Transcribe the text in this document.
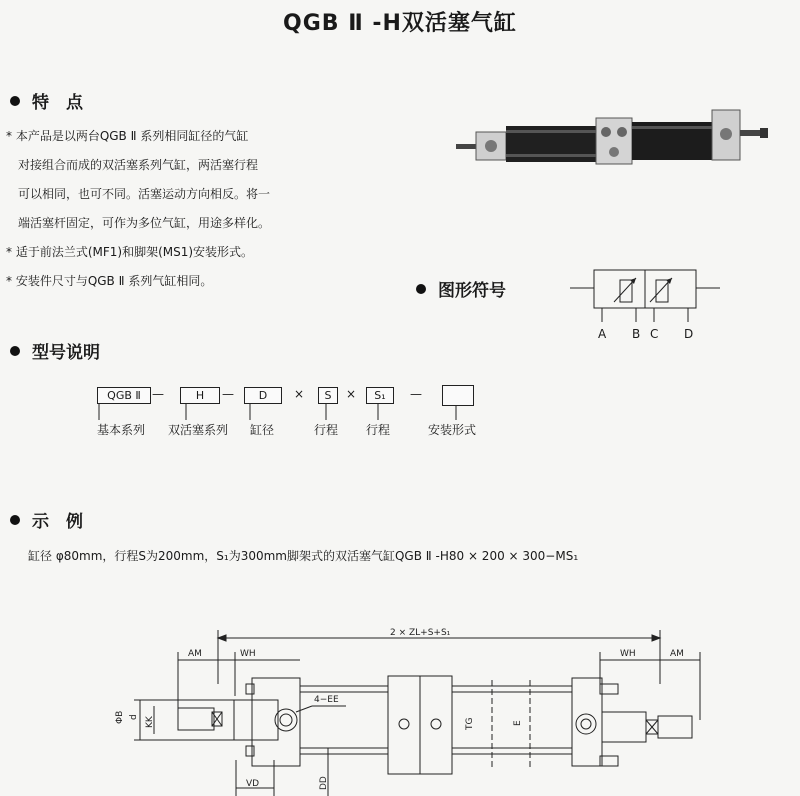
QGB Ⅱ -H双活塞气缸
特　点
* 本产品是以两台QGB Ⅱ 系列相同缸径的气缸
　对接组合而成的双活塞系列气缸，两活塞行程
　可以相同，也可不同。活塞运动方向相反。将一
　端活塞杆固定，可作为多位气缸，用途多样化。
* 适于前法兰式(MF1)和脚架(MS1)安装形式。
* 安装件尺寸与QGB Ⅱ 系列气缸相同。	图形符号
A B C D
型号说明
QGB Ⅱ —	H	—	D	×	S	×	S₁	—
基本系列 双活塞系列 缸径	行程 行程	安装形式
示　例
缸径 φ80mm，行程S为200mm，S₁为300mm脚架式的双活塞气缸QGB Ⅱ -H80 × 200 × 300−MS₁
2 × ZL+S+S₁
AM	WH	WH	AM
4−EE
ΦB d KK	TG	E
VD	DD
